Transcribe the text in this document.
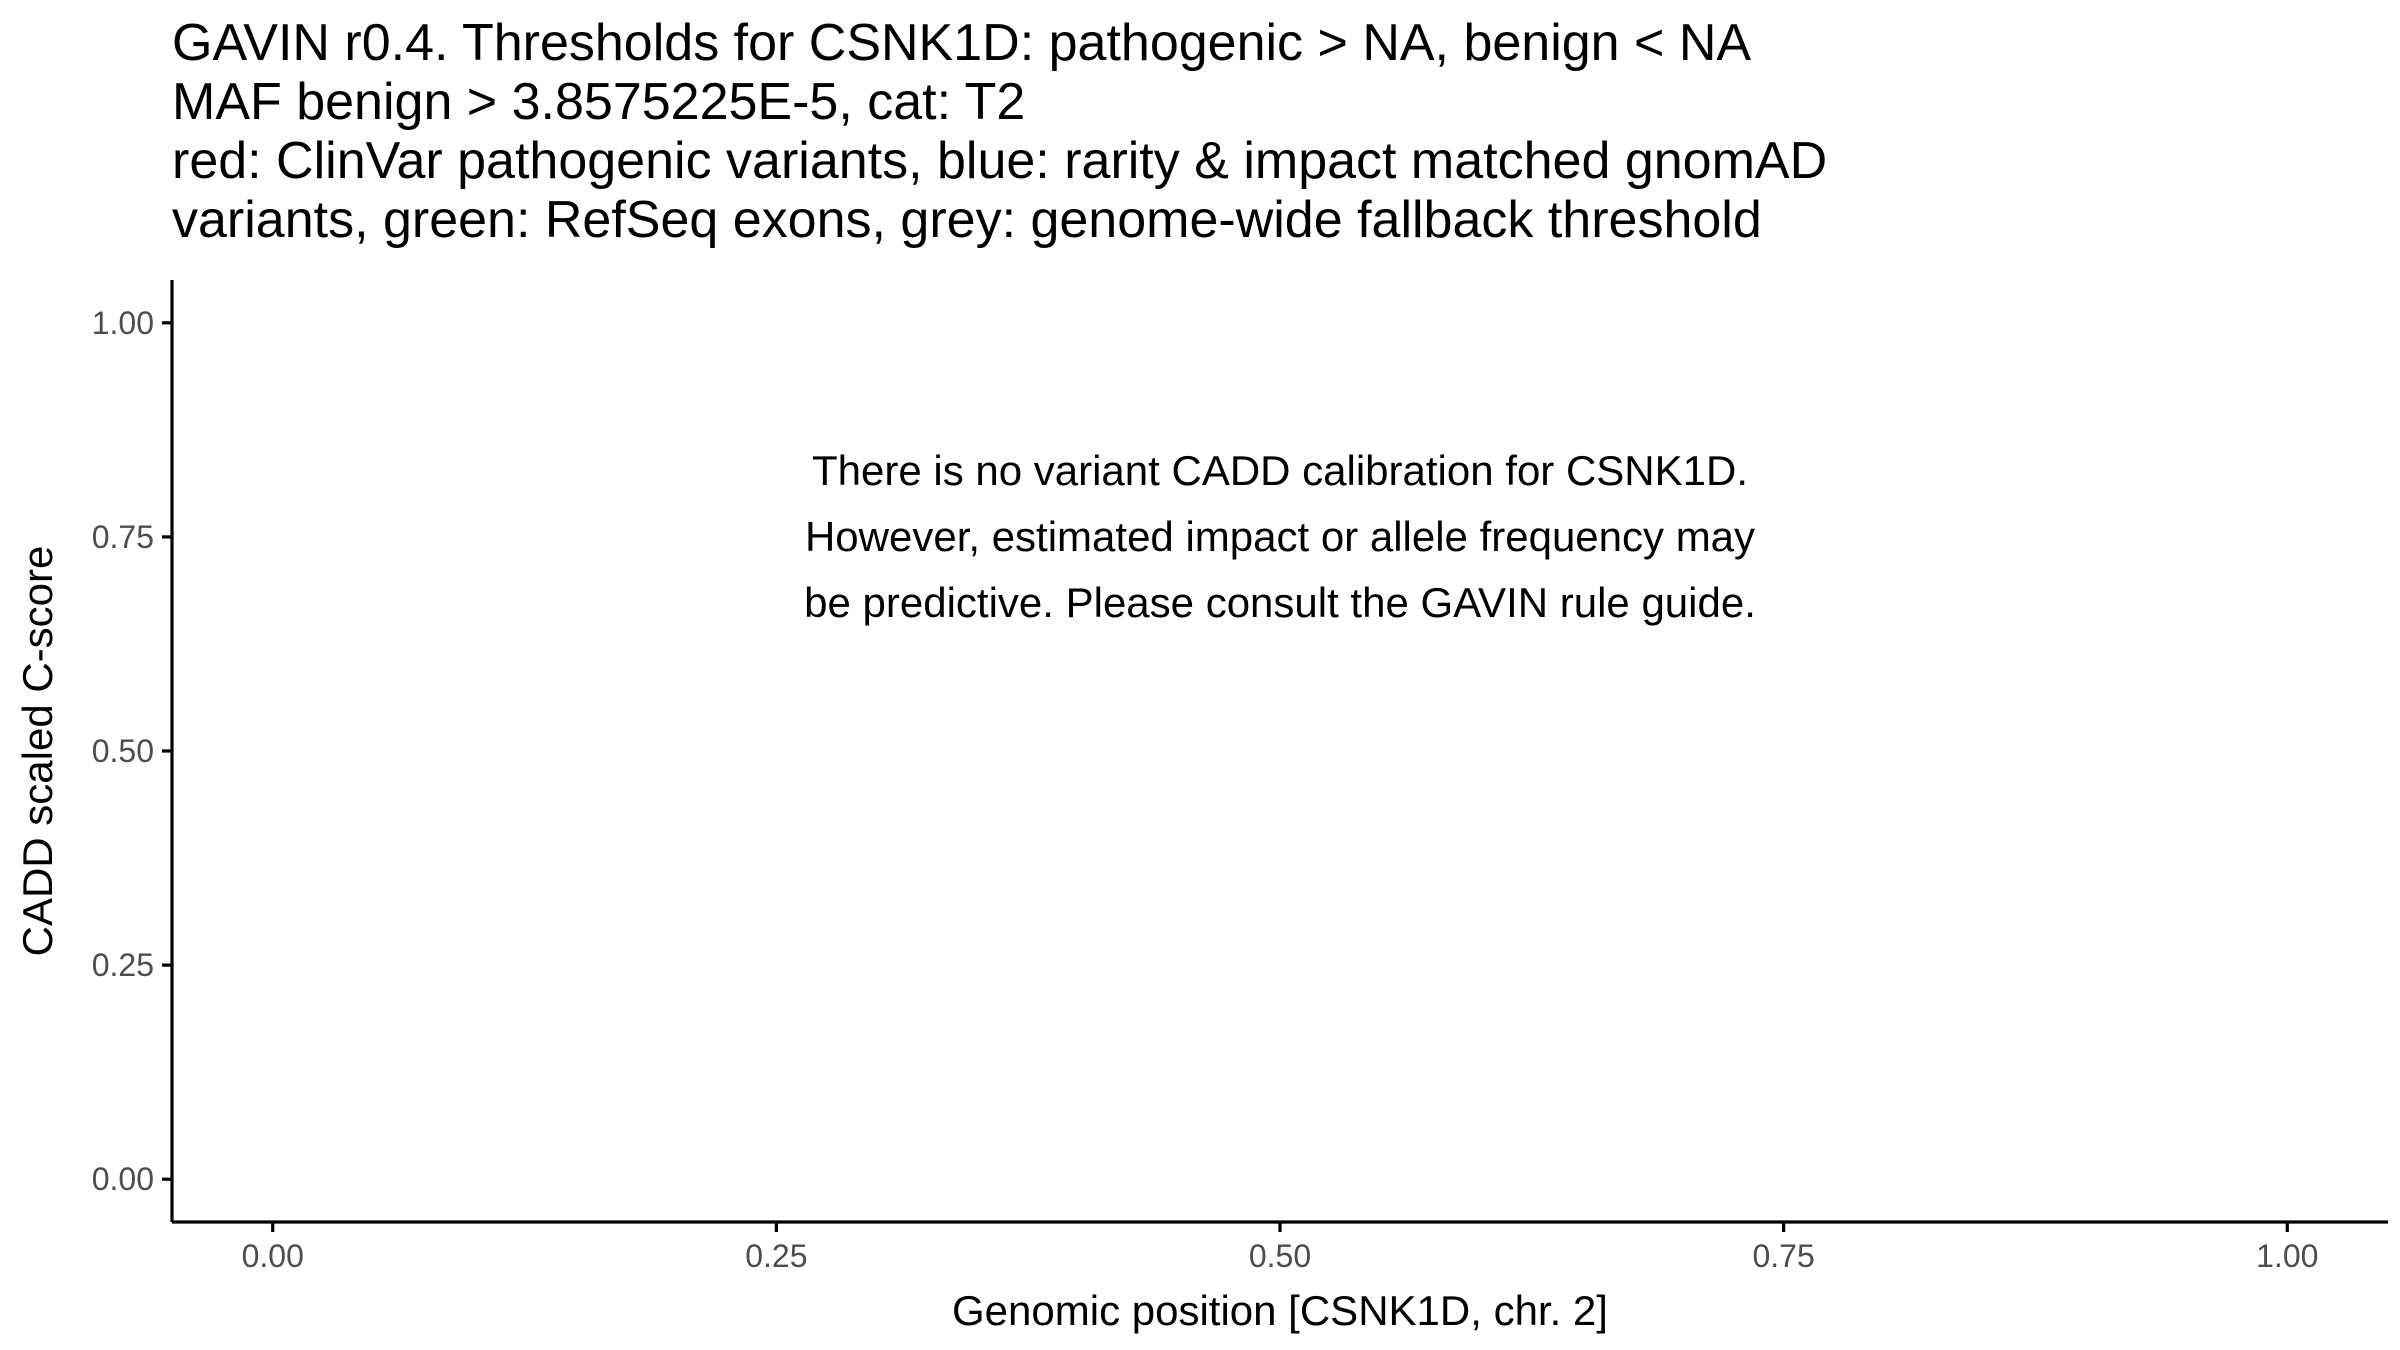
GAVIN r0.4. Thresholds for CSNK1D: pathogenic > NA, benign < NA
MAF benign > 3.8575225E-5, cat: T2
red: ClinVar pathogenic variants, blue: rarity & impact matched gnomAD
variants, green: RefSeq exons, grey: genome-wide fallback threshold
0.00
0.25
0.50
0.75
1.00
0.00	0.25	0.50	0.75	1.00
There is no variant CADD calibration for CSNK1D.
However, estimated impact or allele frequency may
be predictive. Please consult the GAVIN rule guide.
Genomic position [CSNK1D, chr. 2]
CADD scaled C-score
